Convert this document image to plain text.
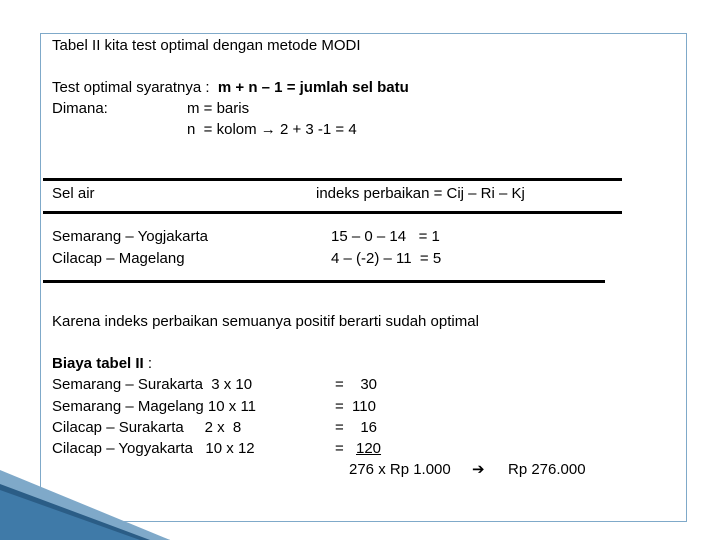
Tabel II kita test optimal dengan metode MODI
Test optimal syaratnya :  m + n – 1 = jumlah sel batu
Dimana:	m = baris
n  = kolom → 2 + 3 -1 = 4
Sel air	indeks perbaikan = Cij – Ri – Kj
Semarang – Yogjakarta	15 – 0 – 14   = 1
Cilacap – Magelang	4 – (-2) – 11  = 5
Karena indeks perbaikan semuanya positif berarti sudah optimal
Biaya tabel II :
Semarang – Surakarta  3 x 10	= 30
Semarang – Magelang 10 x 11	= 110
Cilacap – Surakarta     2 x  8	= 16
Cilacap – Yogyakarta   10 x 12	= 120
276 x Rp 1.000 ➔ Rp 276.000
